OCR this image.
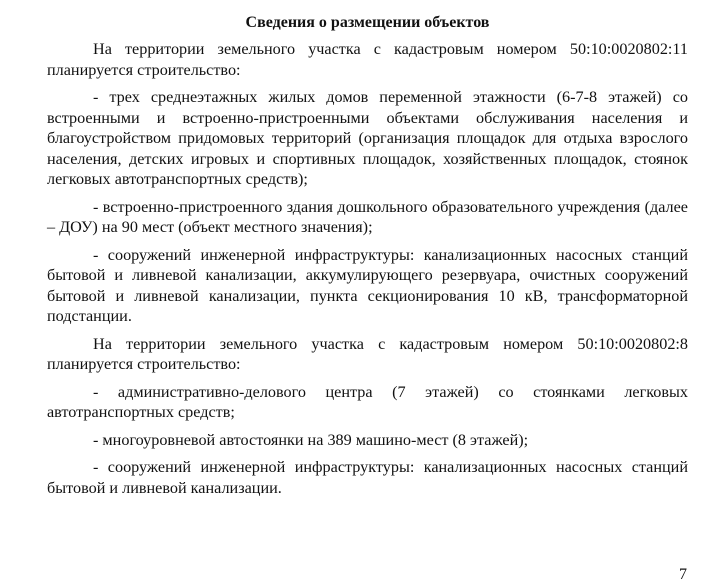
Сведения о размещении объектов

На территории земельного участка с кадастровым номером 50:10:0020802:11 планируется строительство:

- трех среднеэтажных жилых домов переменной этажности (6-7-8 этажей) со встроенными и встроенно-пристроенными объектами обслуживания населения и благоустройством придомовых территорий (организация площадок для отдыха взрослого населения, детских игровых и спортивных площадок, хозяйственных площадок, стоянок легковых автотранспортных средств);

- встроенно-пристроенного здания дошкольного образовательного учреждения (далее – ДОУ) на 90 мест (объект местного значения);

- сооружений инженерной инфраструктуры: канализационных насосных станций бытовой и ливневой канализации, аккумулирующего резервуара, очистных сооружений бытовой и ливневой канализации, пункта секционирования 10 кВ, трансформаторной подстанции.

На территории земельного участка с кадастровым номером 50:10:0020802:8 планируется строительство:

- административно-делового центра (7 этажей) со стоянками легковых автотранспортных средств;

- многоуровневой автостоянки на 389 машино-мест (8 этажей);

- сооружений инженерной инфраструктуры: канализационных насосных станций бытовой и ливневой канализации.

7
